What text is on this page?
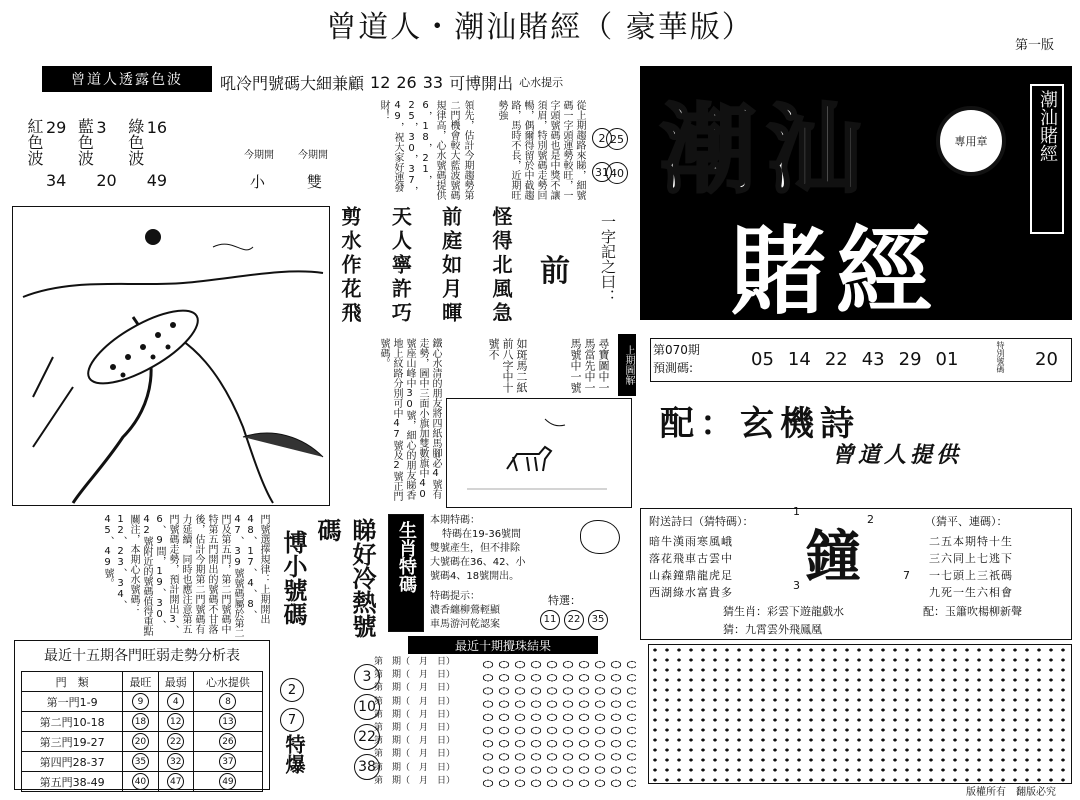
曾道人・潮汕賭經（ 豪華版）
第一版
曾道人透露色波
紅色波 29
34
藍色波 3
20
綠色波 16
49
今期開 今期開
小	雙
吼冷門號碼大細兼顧 12 26 33 可博開出 心水提示
從上期趨路來睇，細號碼一字頭運勢較旺，一字頭號碼也是中獎不讓須眉，特別號碼走勢回暢，偶爾得留於中截趨路，馬時不長，近期旺勢強
領先，估計今期趨勢第二門機會較大藍波號碼規律高，心水號碼提供6，18，21，25，30，37，49，祝大家好運發財！
2
31
25
40
怪得北風急
前庭如月暉
天人寧許巧
剪水作花飛	前 一字記之曰：
尋寶圖中一馬當先中一馬號中一號
如斑馬二紙前八字中十號不
鐵心水清的朋友將四紙馬腳必4號有走勢，圖中三面小旗加雙數旗中40號座山峰中30號，細心的朋友睇香地上紋路分別可中47號及2號正門號碼。	上期圖解
潮汕
賭經
專用章	潮汕賭經
第070期
預測碼:	05 14 22 43 29 01	特別號碼 20
配：玄機詩
曾道人提供
附送詩曰（猜特碼）：
暗牛漢雨寒風峨
落花飛車古雲中
山森鐘鼎龍虎足
西湖綠水富貴多
鐘
1
2
3
7
（猜平、連碼）：
二五本期特十生
三六同上七逃下
一七頭上三祇碼
九死一生六相會
猜生肖：彩雲下遊龍戲水
猜：九霄雲外飛鳳凰
配：玉簫吹楊柳新聲
生肖特碼
本期特碼：
特碼在19-36號間
雙號產生，但不排除
大號碼在36、42、小
號碼4、18號開出。
特碼提示：
濃香纏柳鶯輕顯
車馬游河乾認案
特選：
11	22	35
門號選擇規律：上期開出48、17、4、8、47、39號號碼屬於第二門及第五門，第二門號碼中特第五門開出的號碼不甘落後，估計今期第二門號碼有力延續，同時也應注意第五門號碼走勢，預計開出3、6、9間，19、30、42號附近的號碼值得重點關注，本期心水號碼：12、23、34、45、49號。	睇好冷熱號碼
博小號碼
3
10
22
38
2
7
特爆
最近十五期各門旺弱走勢分析表
門　類	最旺	最弱	心水提供
第一門1-9	9	4	8
第二門10-18	18	12	13
第三門19-27	20	22	26
第四門28-37	35	32	37
第五門38-49	40	47	49
最近十期攪珠結果
第　期（　月　日）
第　期（　月　日）
第　期（　月　日）
第　期（　月　日）
第　期（　月　日）
第　期（　月　日）
第　期（　月　日）
第　期（　月　日）
第　期（　月　日）
第　期（　月　日）
版權所有　翻版必究
